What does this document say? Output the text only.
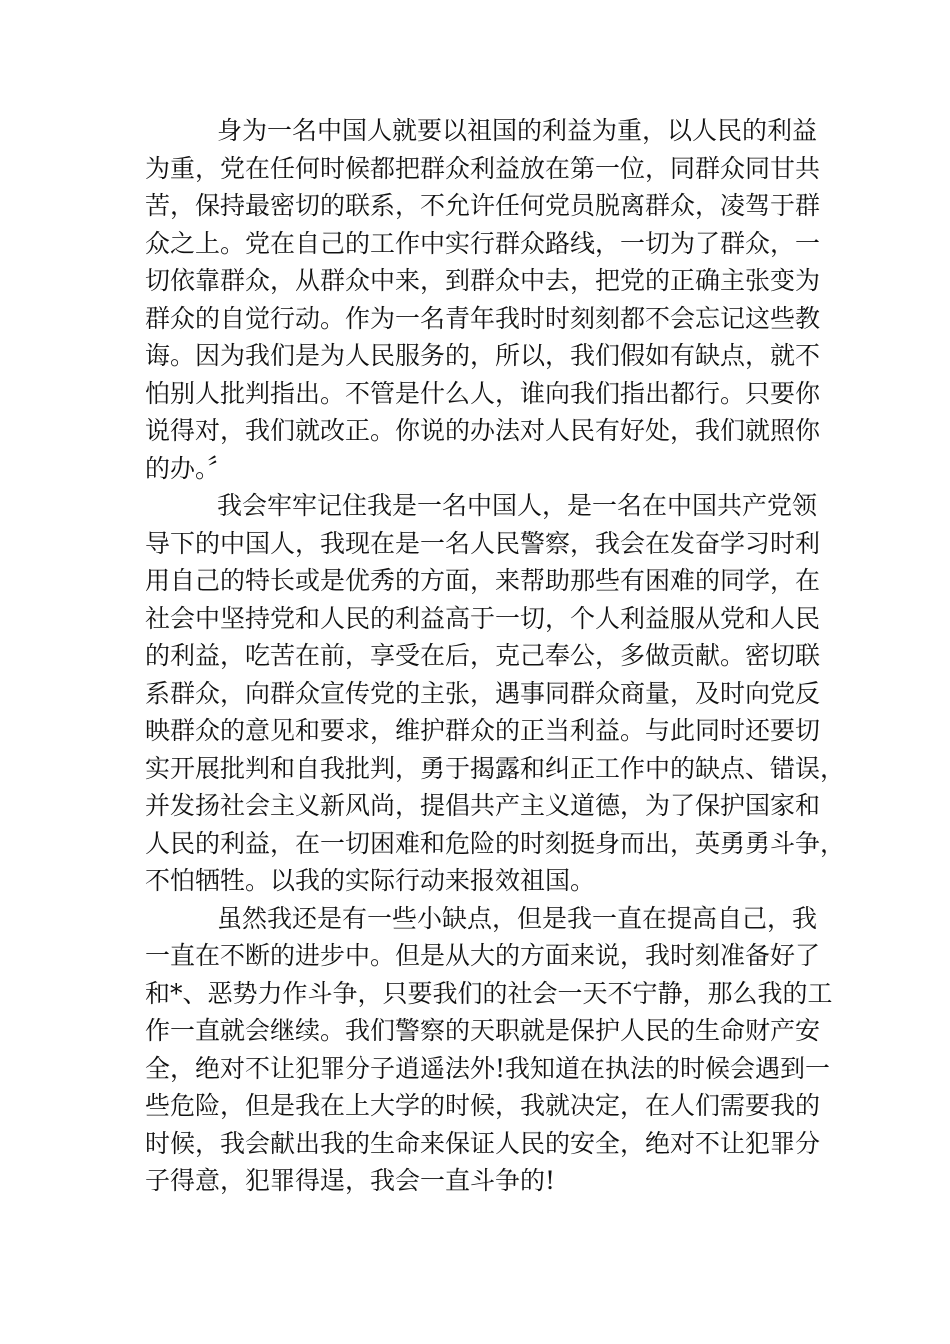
身为一名中国人就要以祖国的利益为重，以人民的利益
为重，党在任何时候都把群众利益放在第一位，同群众同甘共
苦，保持最密切的联系，不允许任何党员脱离群众，凌驾于群
众之上。党在自己的工作中实行群众路线，一切为了群众，一
切依靠群众，从群众中来，到群众中去，把党的正确主张变为
群众的自觉行动。作为一名青年我时时刻刻都不会忘记这些教
诲。因为我们是为人民服务的，所以，我们假如有缺点，就不
怕别人批判指出。不管是什么人，谁向我们指出都行。只要你
说得对，我们就改正。你说的办法对人民有好处，我们就照你
的办。〞

我会牢牢记住我是一名中国人，是一名在中国共产党领
导下的中国人，我现在是一名人民警察，我会在发奋学习时利
用自己的特长或是优秀的方面，来帮助那些有困难的同学，在
社会中坚持党和人民的利益高于一切，个人利益服从党和人民
的利益，吃苦在前，享受在后，克己奉公，多做贡献。密切联
系群众，向群众宣传党的主张，遇事同群众商量，及时向党反
映群众的意见和要求，维护群众的正当利益。与此同时还要切
实开展批判和自我批判，勇于揭露和纠正工作中的缺点、错误，
并发扬社会主义新风尚，提倡共产主义道德，为了保护国家和
人民的利益，在一切困难和危险的时刻挺身而出，英勇勇斗争，
不怕牺牲。以我的实际行动来报效祖国。

虽然我还是有一些小缺点，但是我一直在提高自己，我
一直在不断的进步中。但是从大的方面来说，我时刻准备好了
和*、恶势力作斗争，只要我们的社会一天不宁静，那么我的工
作一直就会继续。我们警察的天职就是保护人民的生命财产安
全，绝对不让犯罪分子逍遥法外!我知道在执法的时候会遇到一
些危险，但是我在上大学的时候，我就决定，在人们需要我的
时候，我会献出我的生命来保证人民的安全，绝对不让犯罪分
子得意，犯罪得逞，我会一直斗争的!
